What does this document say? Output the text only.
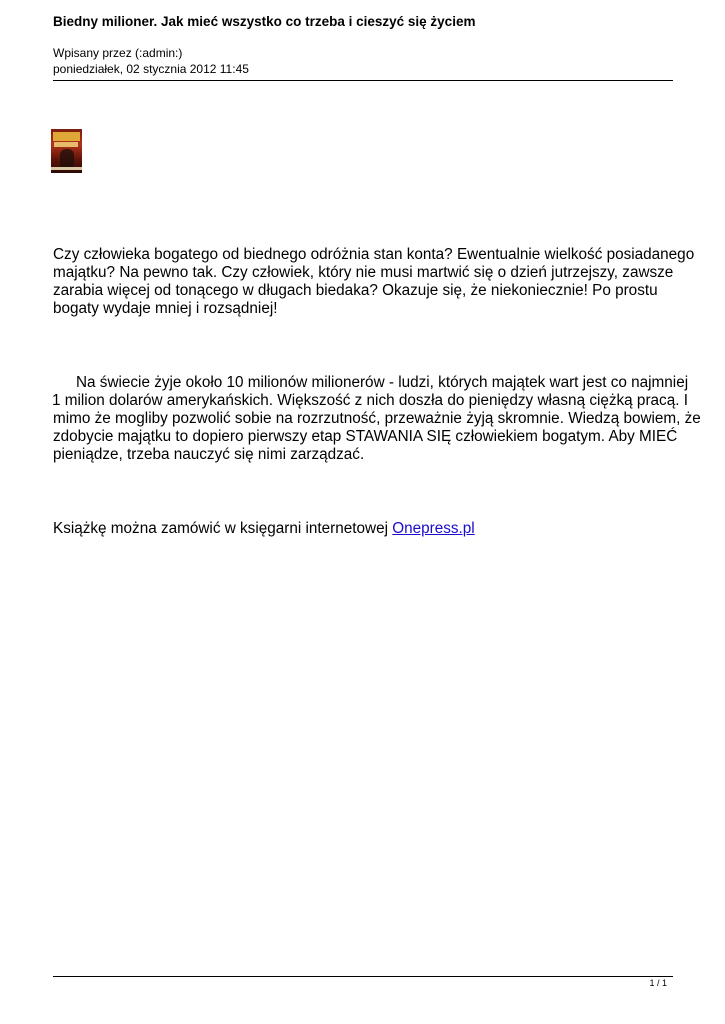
Biedny milioner. Jak mieć wszystko co trzeba i cieszyć się życiem
Wpisany przez (:admin:)
poniedziałek, 02 stycznia 2012 11:45
Czy człowieka bogatego od biednego odróżnia stan konta? Ewentualnie wielkość posiadanego
majątku? Na pewno tak. Czy człowiek, który nie musi martwić się o dzień jutrzejszy, zawsze
zarabia więcej od tonącego w długach biedaka? Okazuje się, że niekoniecznie! Po prostu
bogaty wydaje mniej i rozsądniej!
Na świecie żyje około 10 milionów milionerów - ludzi, których majątek wart jest co najmniej
1 milion dolarów amerykańskich. Większość z nich doszła do pieniędzy własną ciężką pracą. I
mimo że mogliby pozwolić sobie na rozrzutność, przeważnie żyją skromnie. Wiedzą bowiem, że
zdobycie majątku to dopiero pierwszy etap STAWANIA SIĘ człowiekiem bogatym. Aby MIEĆ
pieniądze, trzeba nauczyć się nimi zarządzać.
Książkę można zamówić w księgarni internetowej Onepress.pl
1 / 1
